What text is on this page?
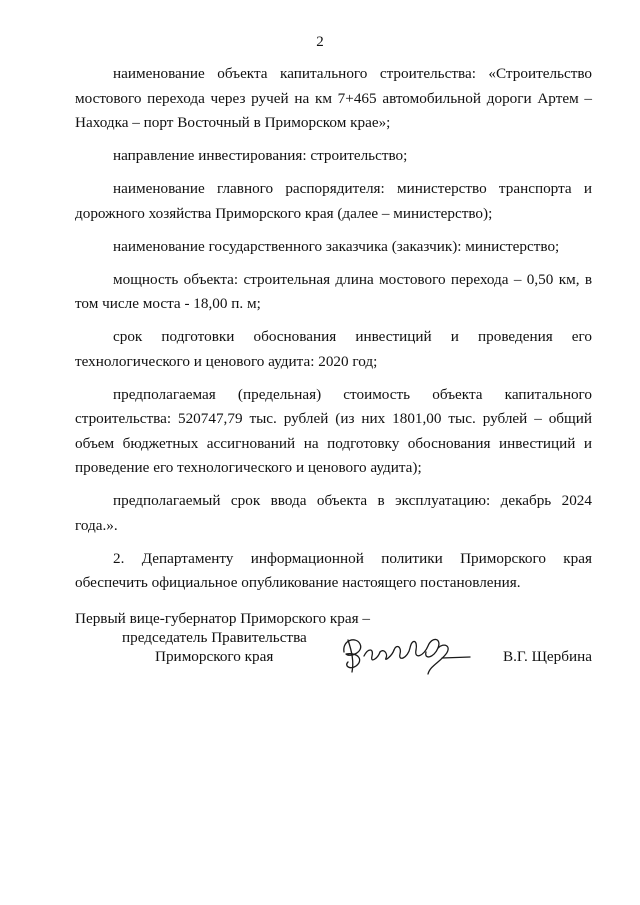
2

наименование объекта капитального строительства: «Строительство мостового перехода через ручей на км 7+465 автомобильной дороги Артем – Находка – порт Восточный в Приморском крае»;

направление инвестирования: строительство;

наименование главного распорядителя: министерство транспорта и дорожного хозяйства Приморского края (далее – министерство);

наименование государственного заказчика (заказчик): министерство;

мощность объекта: строительная длина мостового перехода – 0,50 км, в том числе моста - 18,00 п. м;

срок подготовки обоснования инвестиций и проведения его технологического и ценового аудита: 2020 год;

предполагаемая (предельная) стоимость объекта капитального строительства: 520747,79 тыс. рублей (из них 1801,00 тыс. рублей – общий объем бюджетных ассигнований на подготовку обоснования инвестиций и проведение его технологического и ценового аудита);

предполагаемый срок ввода объекта в эксплуатацию: декабрь 2024 года.».

2. Департаменту информационной политики Приморского края обеспечить официальное опубликование настоящего постановления.

Первый вице-губернатор Приморского края –
председатель Правительства
Приморского края	В.Г. Щербина
